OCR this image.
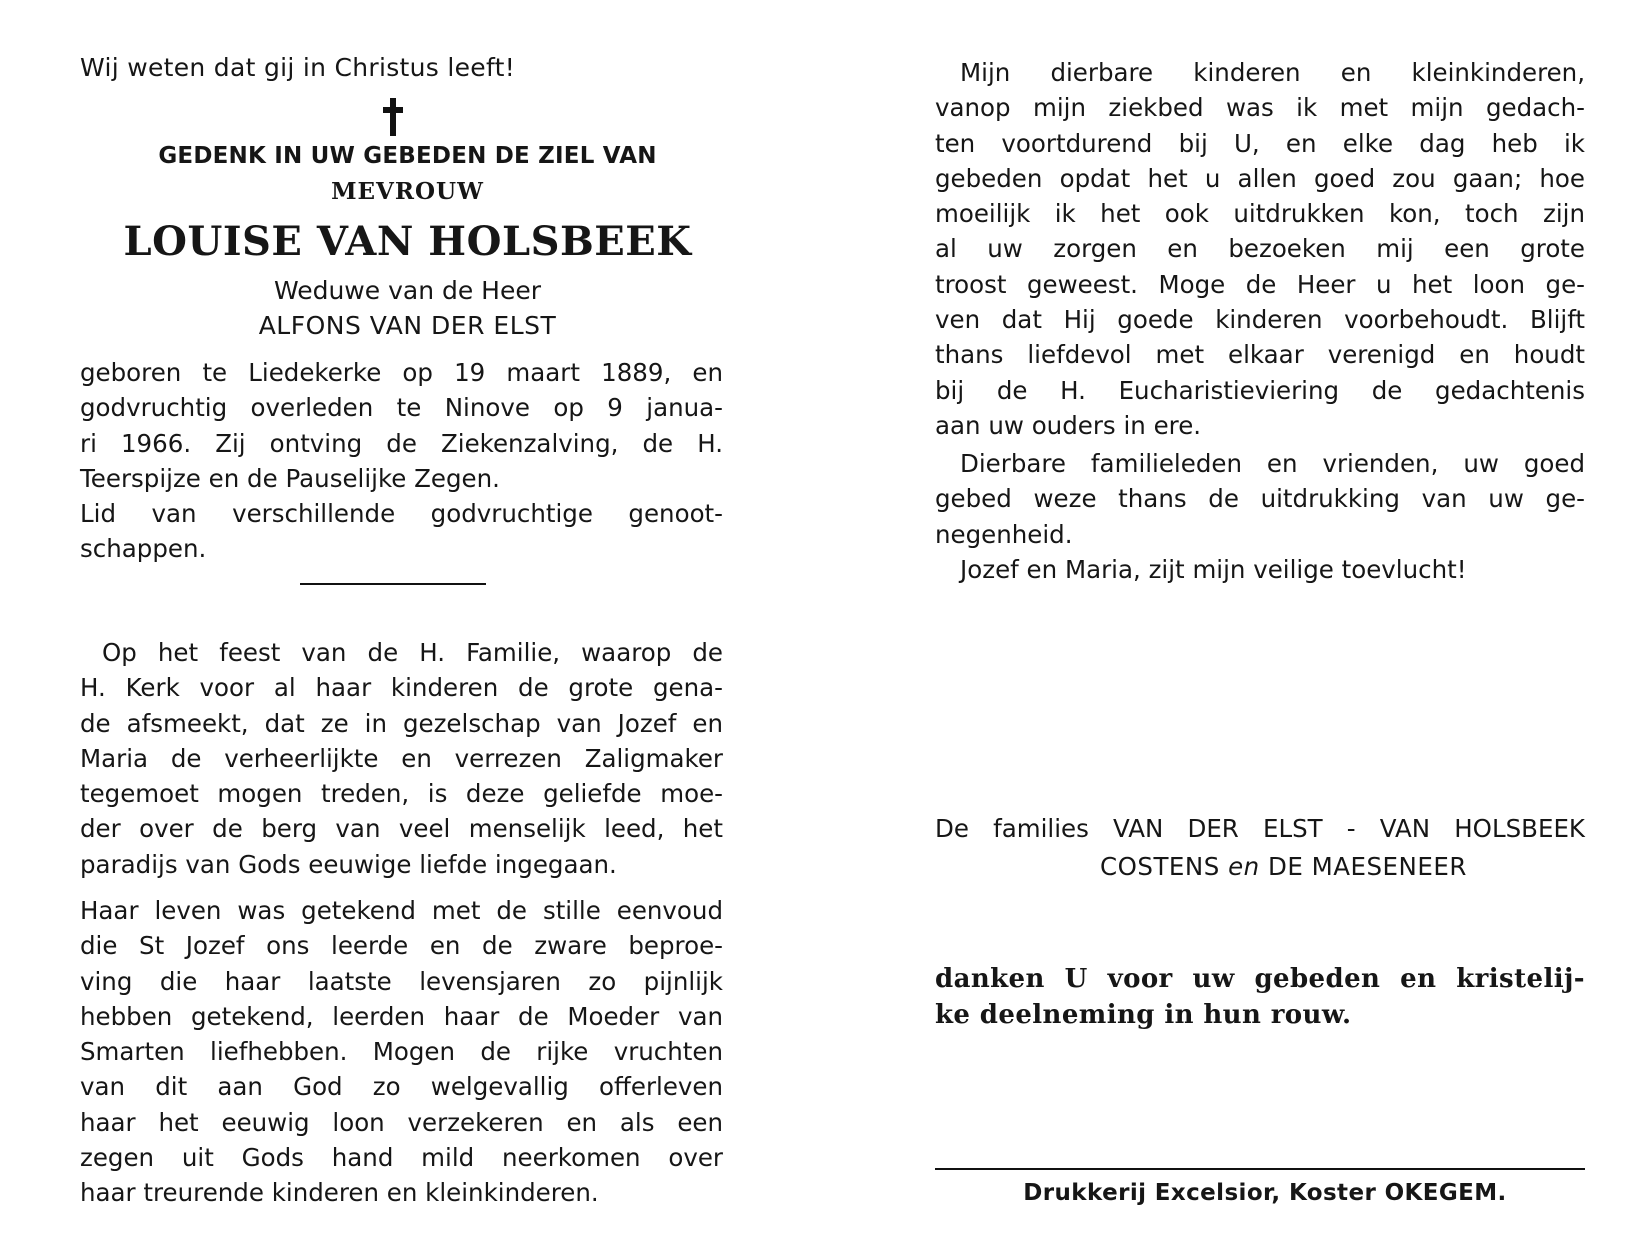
Wij weten dat gij in Christus leeft!
GEDENK IN UW GEBEDEN DE ZIEL VAN
MEVROUW
LOUISE VAN HOLSBEEK
Weduwe van de Heer
ALFONS VAN DER ELST
geboren te Liedekerke op 19 maart 1889, en
godvruchtig overleden te Ninove op 9 janua-
ri 1966. Zij ontving de Ziekenzalving, de H.
Teerspijze en de Pauselijke Zegen.
Lid van verschillende godvruchtige genoot-
schappen.
Op het feest van de H. Familie, waarop de
H. Kerk voor al haar kinderen de grote gena-
de afsmeekt, dat ze in gezelschap van Jozef en
Maria de verheerlijkte en verrezen Zaligmaker
tegemoet mogen treden, is deze geliefde moe-
der over de berg van veel menselijk leed, het
paradijs van Gods eeuwige liefde ingegaan.
Haar leven was getekend met de stille eenvoud
die St Jozef ons leerde en de zware beproe-
ving die haar laatste levensjaren zo pijnlijk
hebben getekend, leerden haar de Moeder van
Smarten liefhebben. Mogen de rijke vruchten
van dit aan God zo welgevallig offerleven
haar het eeuwig loon verzekeren en als een
zegen uit Gods hand mild neerkomen over
haar treurende kinderen en kleinkinderen.
Mijn dierbare kinderen en kleinkinderen,
vanop mijn ziekbed was ik met mijn gedach-
ten voortdurend bij U, en elke dag heb ik
gebeden opdat het u allen goed zou gaan; hoe
moeilijk ik het ook uitdrukken kon, toch zijn
al uw zorgen en bezoeken mij een grote
troost geweest. Moge de Heer u het loon ge-
ven dat Hij goede kinderen voorbehoudt. Blijft
thans liefdevol met elkaar verenigd en houdt
bij de H. Eucharistieviering de gedachtenis
aan uw ouders in ere.
Dierbare familieleden en vrienden, uw goed
gebed weze thans de uitdrukking van uw ge-
negenheid.
Jozef en Maria, zijt mijn veilige toevlucht!
De families VAN DER ELST - VAN HOLSBEEK
COSTENS en DE MAESENEER
danken U voor uw gebeden en kristelij-
ke deelneming in hun rouw.
Drukkerij Excelsior, Koster OKEGEM.
